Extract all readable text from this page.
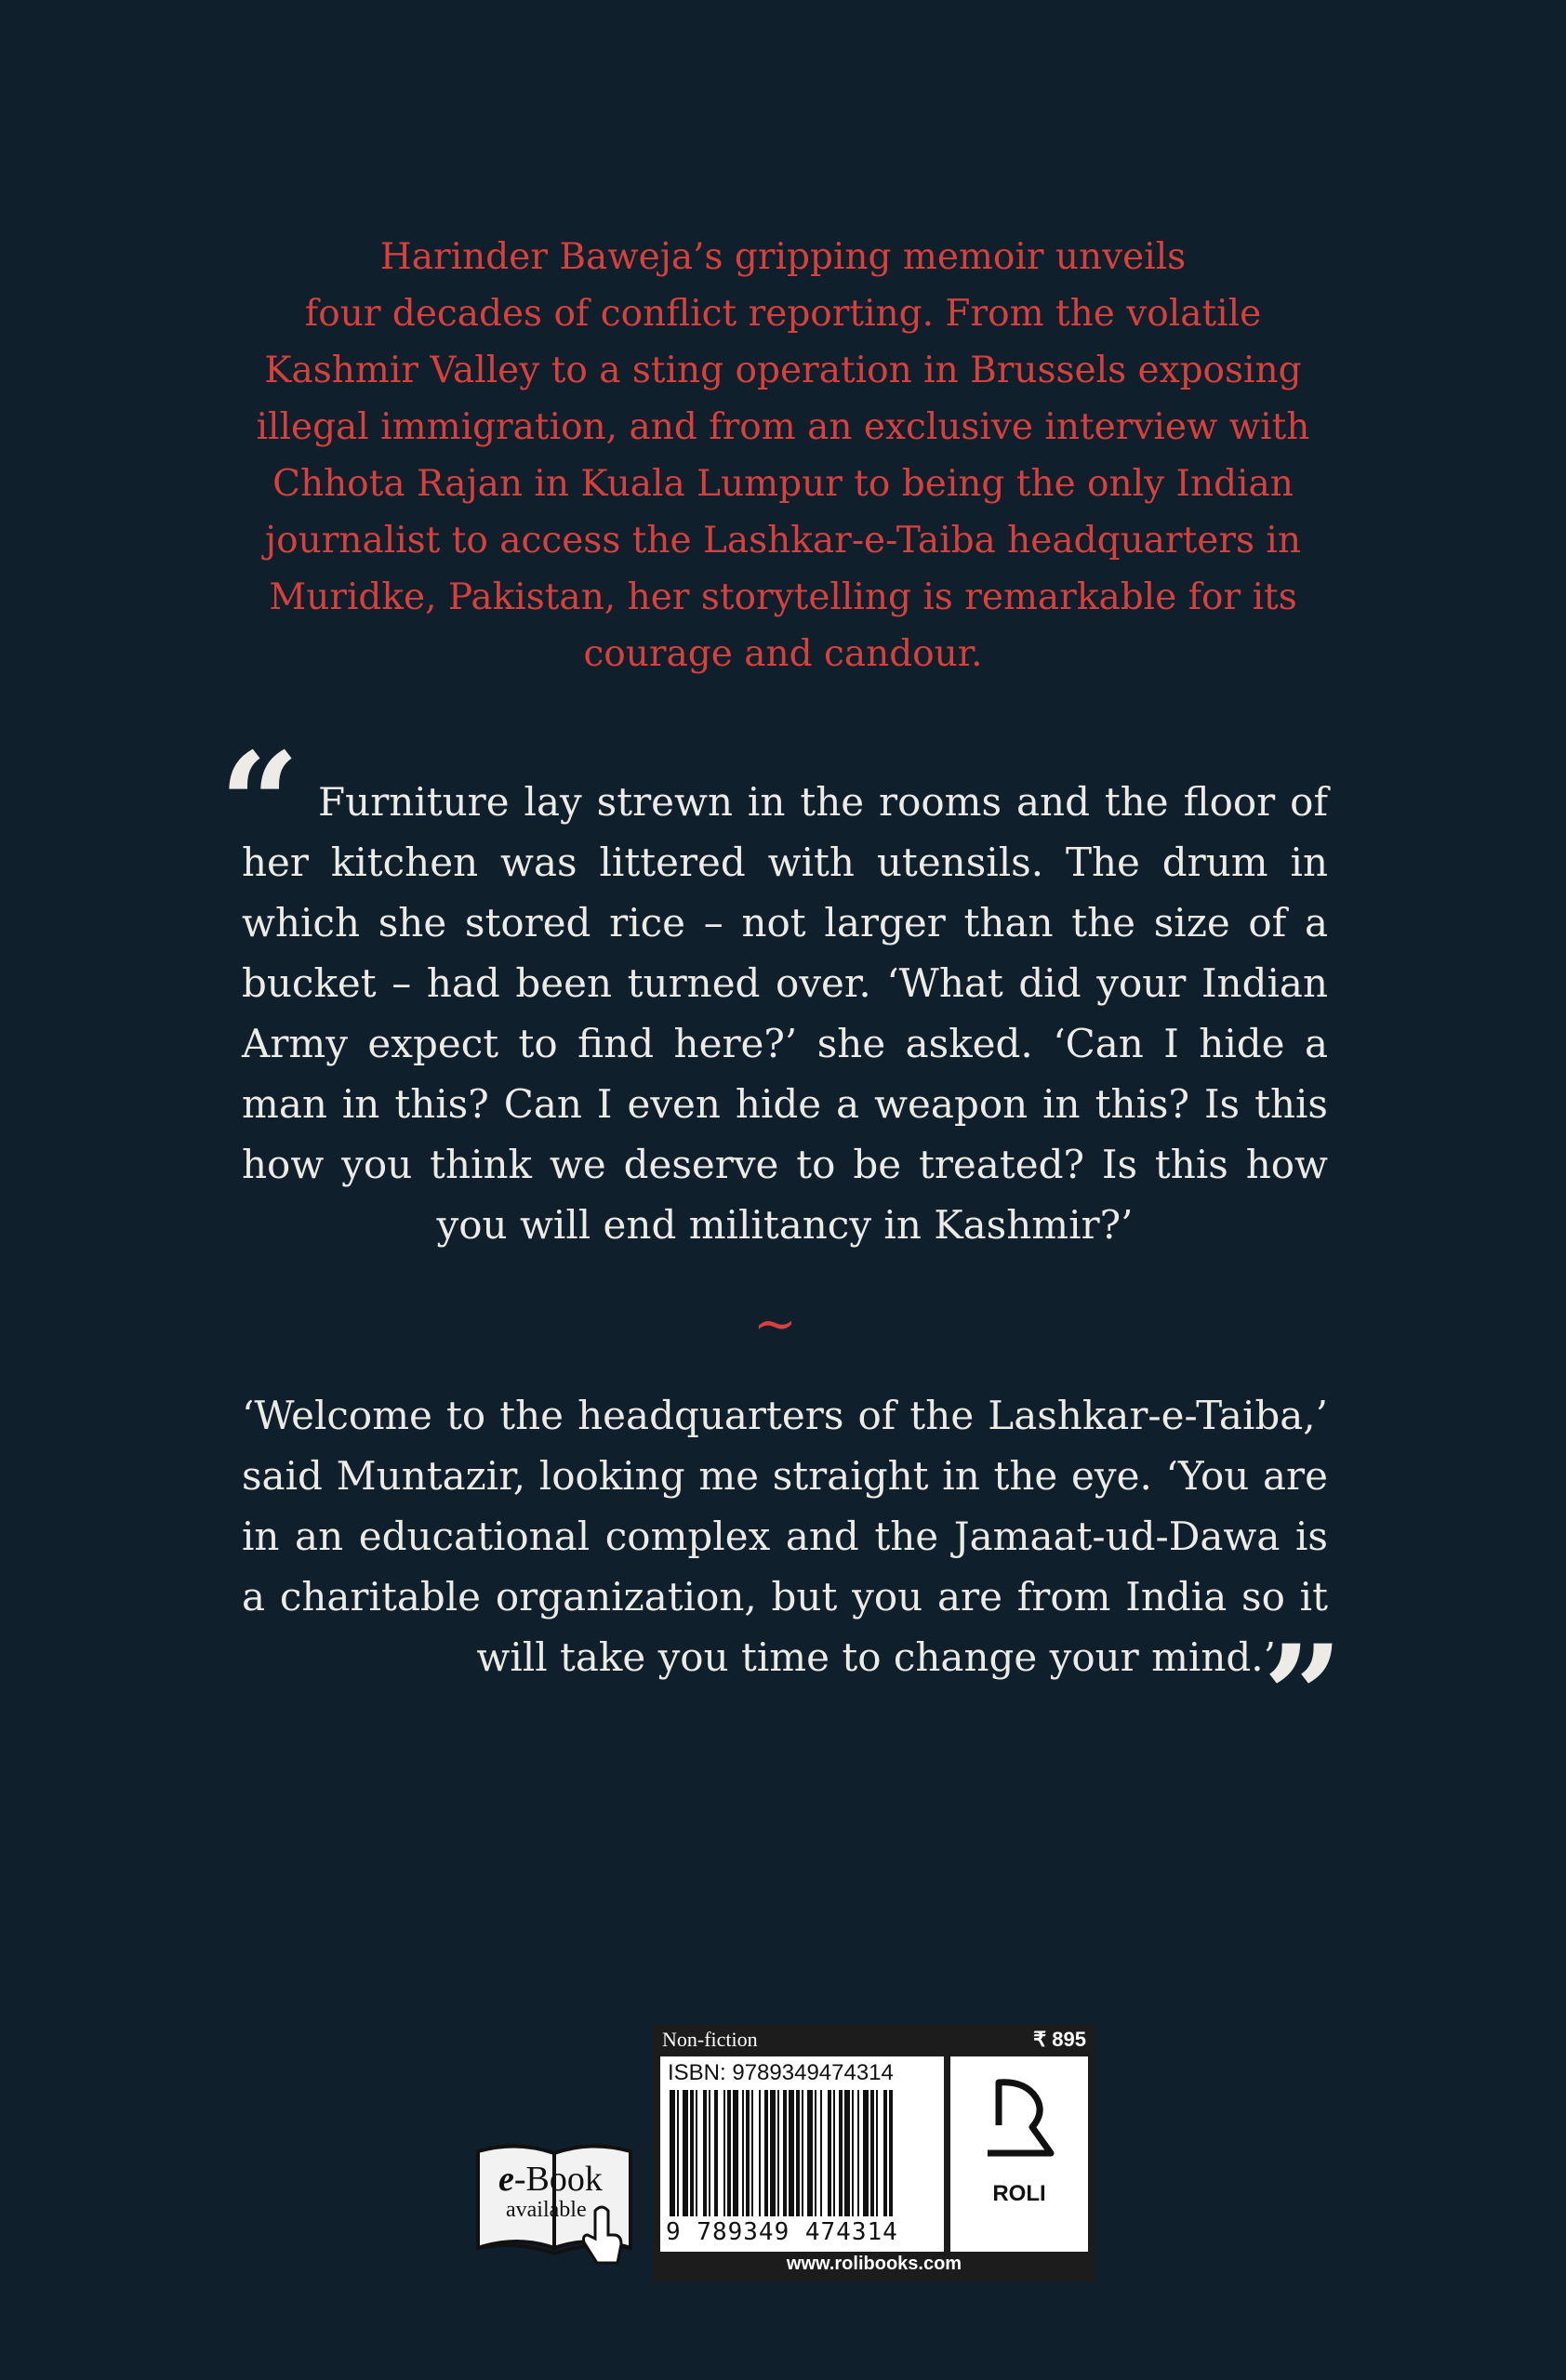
Harinder Baweja’s gripping memoir unveils
four decades of conflict reporting. From the volatile
Kashmir Valley to a sting operation in Brussels exposing
illegal immigration, and from an exclusive interview with
Chhota Rajan in Kuala Lumpur to being the only Indian
journalist to access the Lashkar-e-Taiba headquarters in
Muridke, Pakistan, her storytelling is remarkable for its
courage and candour.
“ Furniture lay strewn in the rooms and the floor of her kitchen was littered with utensils. The drum in which she stored rice – not larger than the size of a bucket – had been turned over. ‘What did your Indian Army expect to find here?’ she asked. ‘Can I hide a man in this? Can I even hide a weapon in this? Is this how you think we deserve to be treated? Is this how you will end militancy in Kashmir?’
~
‘Welcome to the headquarters of the Lashkar-e-Taiba,’ said Muntazir, looking me straight in the eye. ‘You are in an educational complex and the Jamaat-ud-Dawa is a charitable organization, but you are from India so it will take you time to change your mind.’
”
e-Book
available
Non-fiction	₹ 895
ISBN: 9789349474314
9 789349 474314
ROLI
www.rolibooks.com
